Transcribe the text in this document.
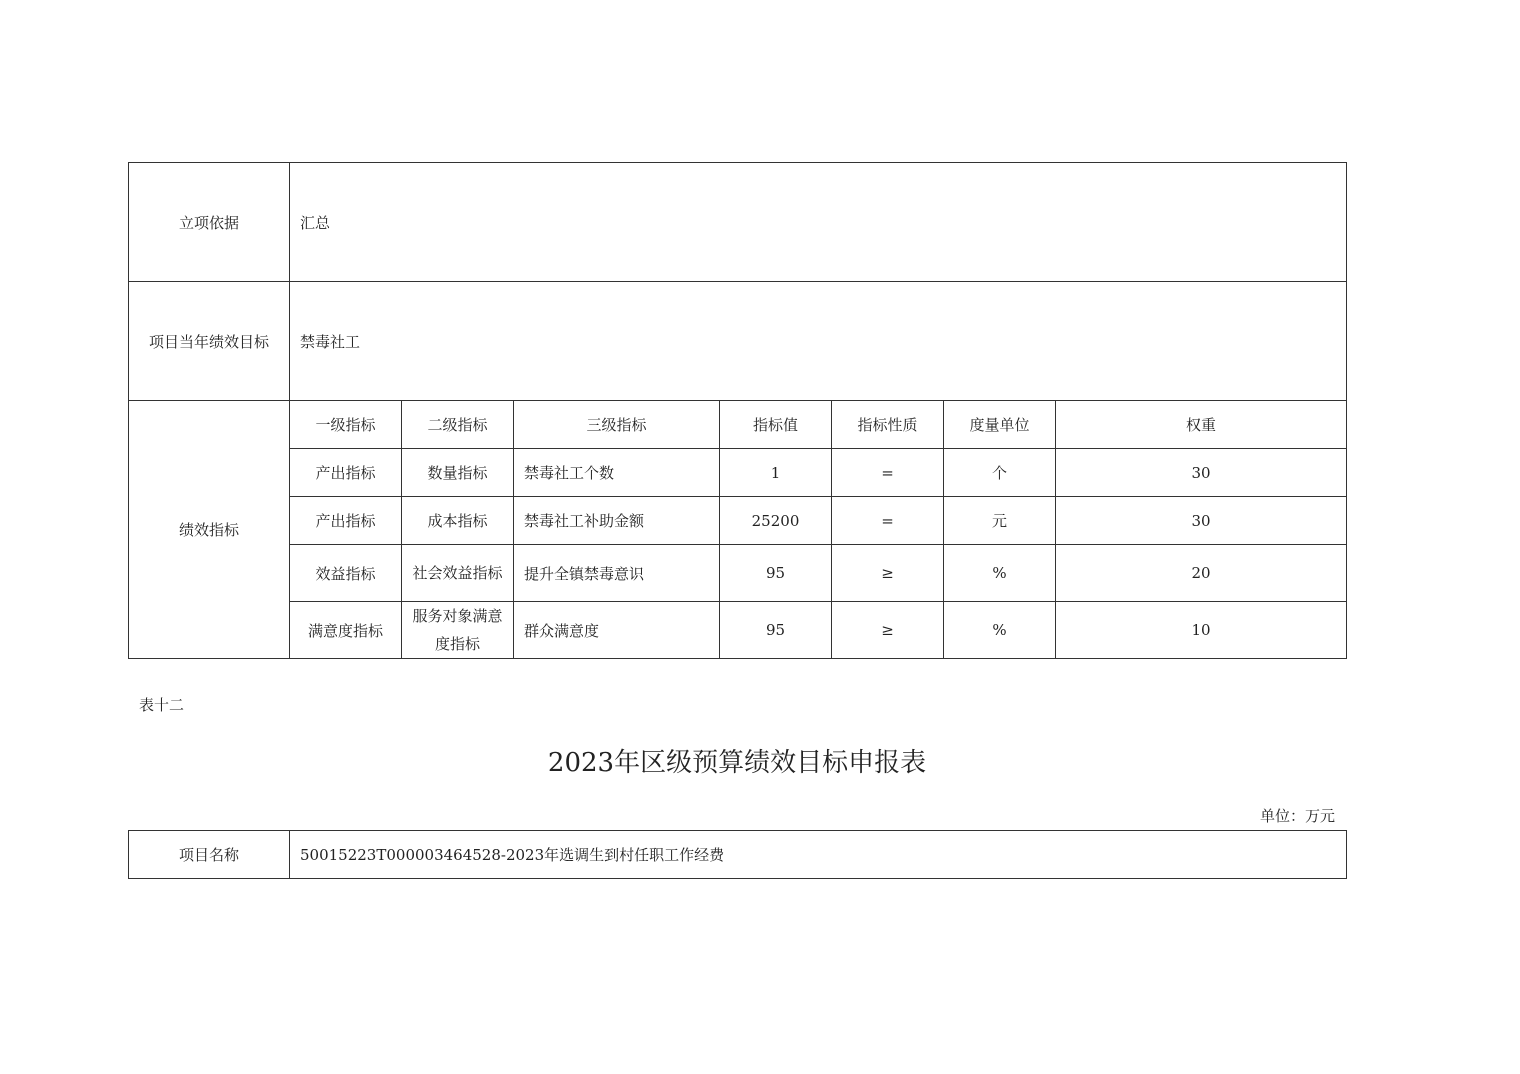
立项依据	汇总						
项目当年绩效目标	禁毒社工						
绩效指标	一级指标	二级指标	三级指标	指标值	指标性质	度量单位	权重
	产出指标	数量指标	禁毒社工个数	1	=	个	30
	产出指标	成本指标	禁毒社工补助金额	25200	=	元	30
	效益指标	社会效益指标	提升全镇禁毒意识	95	≥	%	20
	满意度指标	服务对象满意度指标	群众满意度	95	≥	%	10
表十二
2023年区级预算绩效目标申报表
单位：万元
项目名称	50015223T000003464528-2023年选调生到村任职工作经费
